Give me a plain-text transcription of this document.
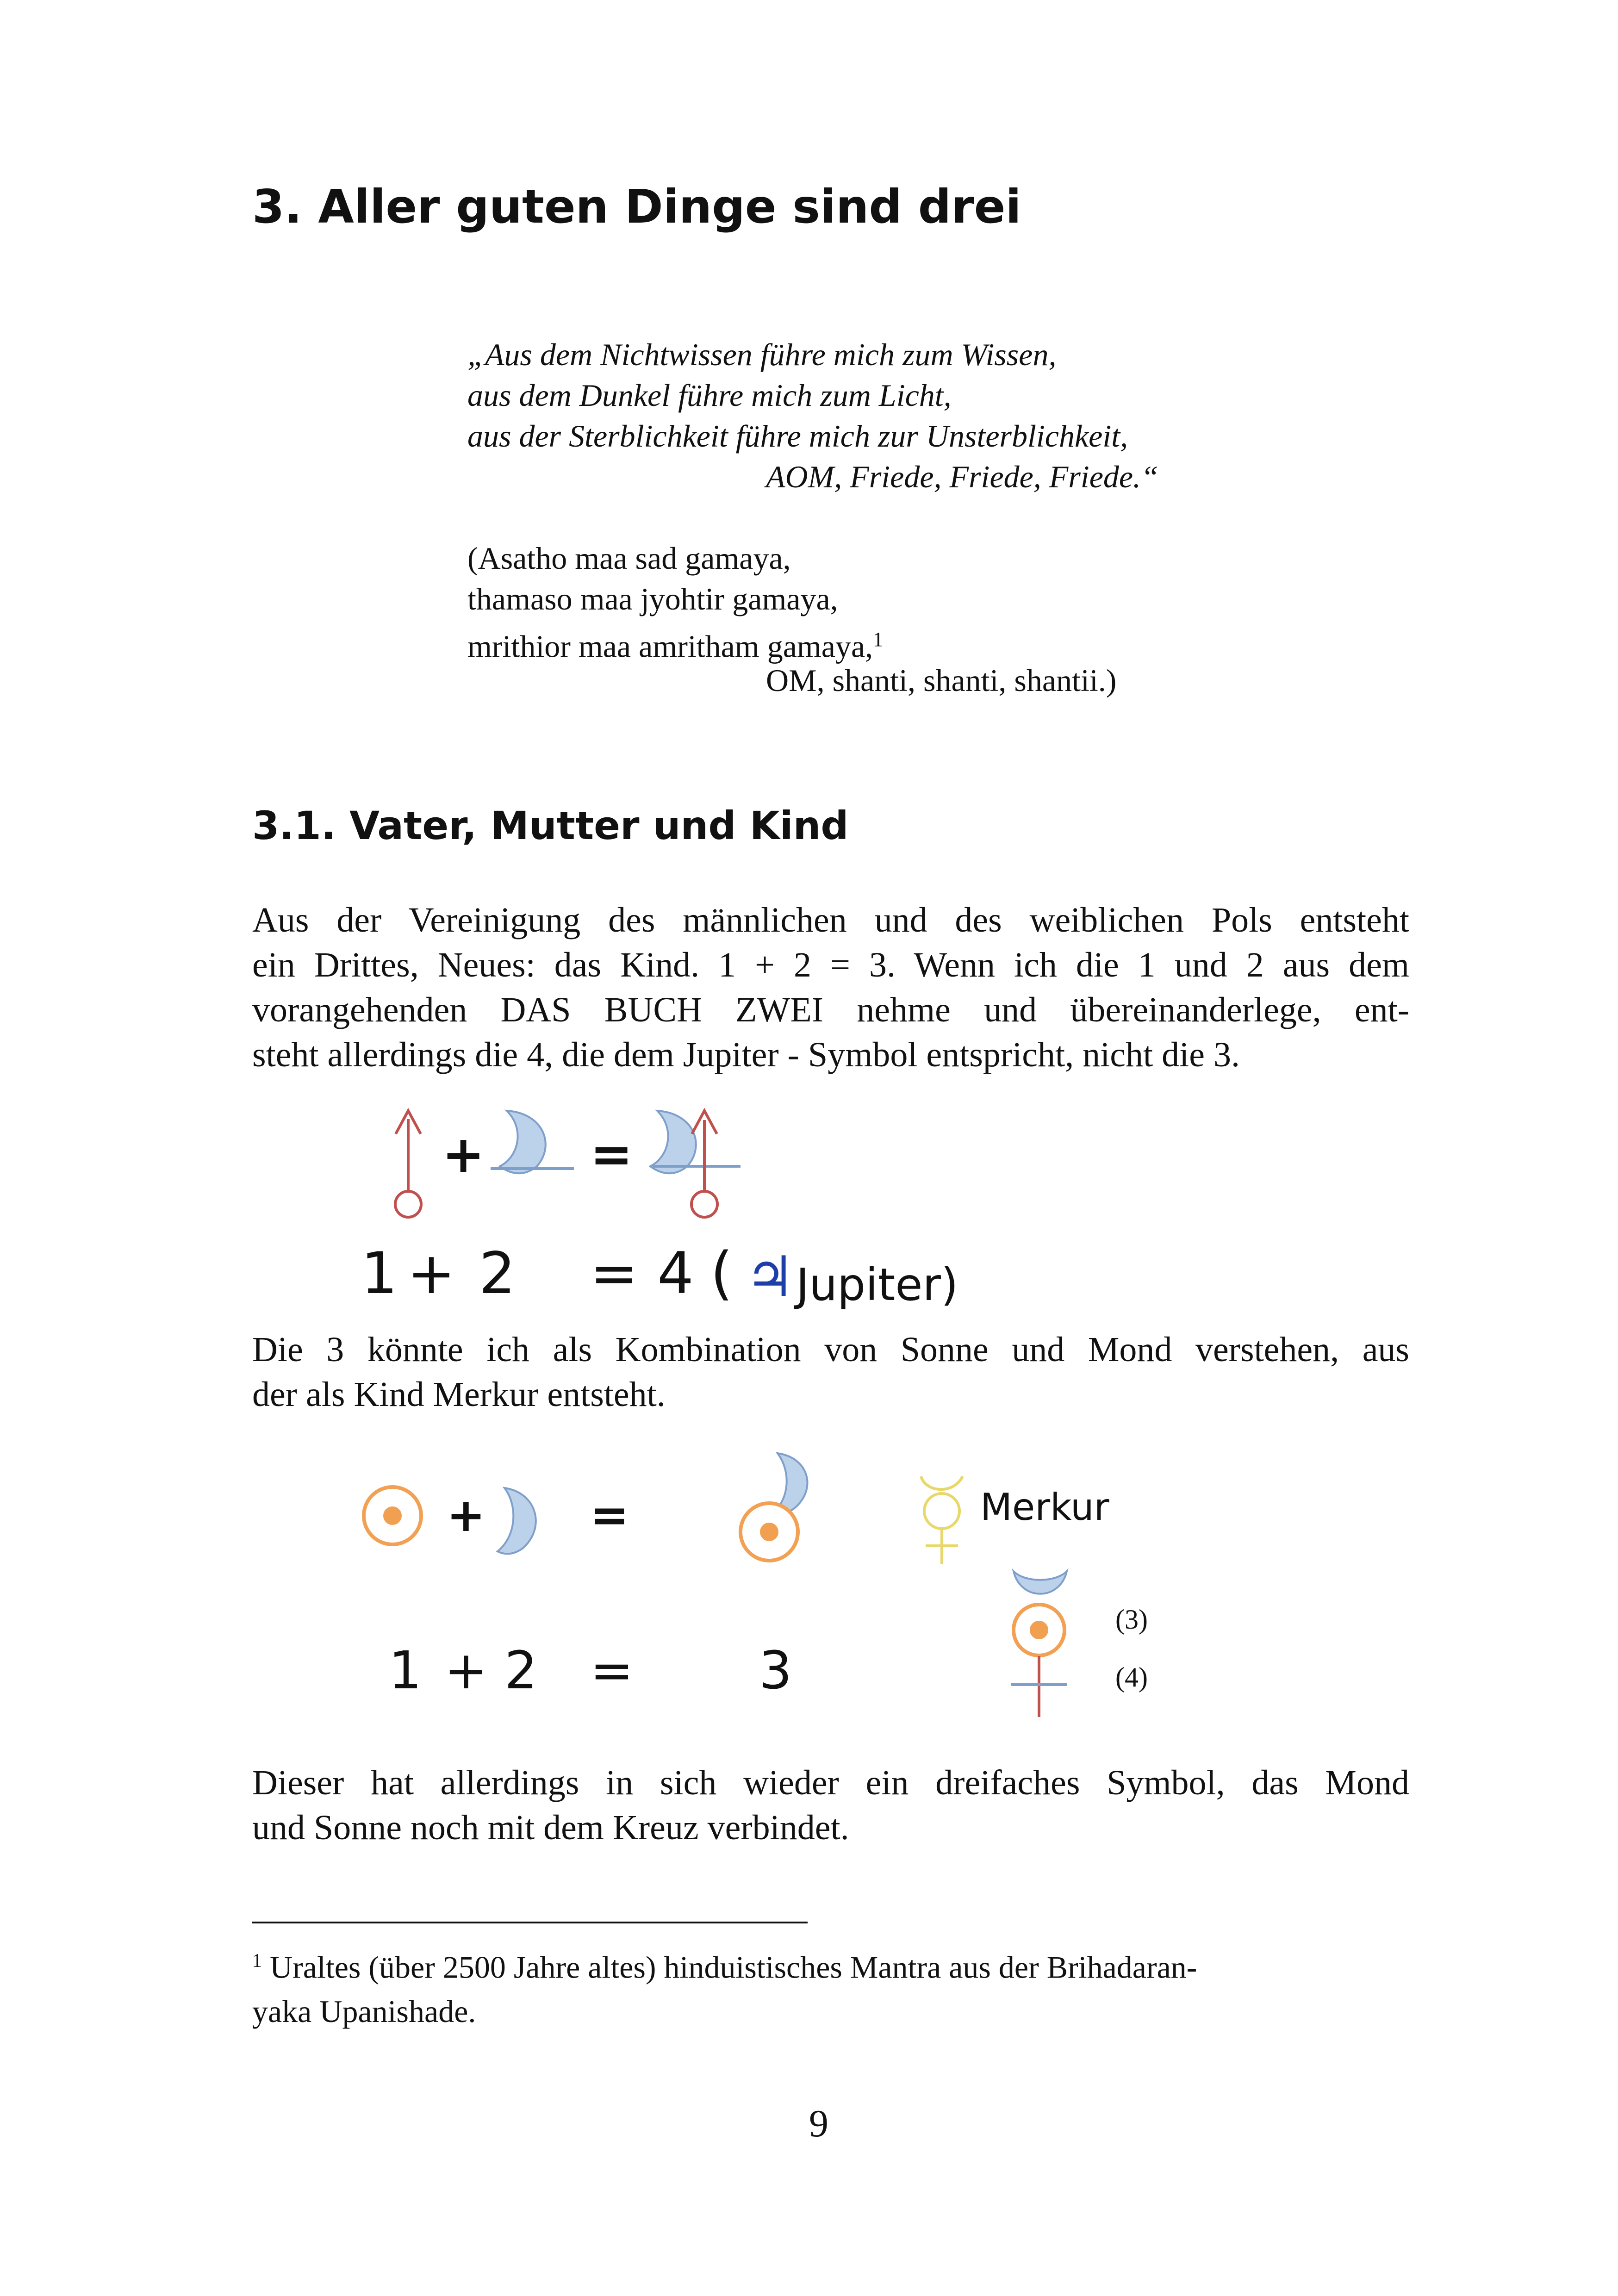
3. Aller guten Dinge sind drei
„Aus dem Nichtwissen führe mich zum Wissen,
aus dem Dunkel führe mich zum Licht,
aus der Sterblichkeit führe mich zur Unsterblichkeit,
AOM, Friede, Friede, Friede.“
(Asatho maa sad gamaya,
thamaso maa jyohtir gamaya,
mrithior maa amritham gamaya,$^1$
OM, shanti, shanti, shantii.)
3.1. Vater, Mutter und Kind
Aus der Vereinigung des männlichen und des weiblichen Pols entsteht
ein Drittes, Neues: das Kind. 1 + 2 = 3. Wenn ich die 1 und 2 aus dem
vorangehenden DAS BUCH ZWEI nehme und übereinanderlege, ent-
steht allerdings die 4, die dem Jupiter - Symbol entspricht, nicht die 3.
+ =
1 + 2 = 4 ( ♃ Jupiter)
Die 3 könnte ich als Kombination von Sonne und Mond verstehen, aus
der als Kind Merkur entsteht.
+ =	Merkur
1 + 2 = 3
(3)
(4)
Dieser hat allerdings in sich wieder ein dreifaches Symbol, das Mond
und Sonne noch mit dem Kreuz verbindet.
$^1$ Uraltes (über 2500 Jahre altes) hinduistisches Mantra aus der Brihadaran-
yaka Upanishade.
9
